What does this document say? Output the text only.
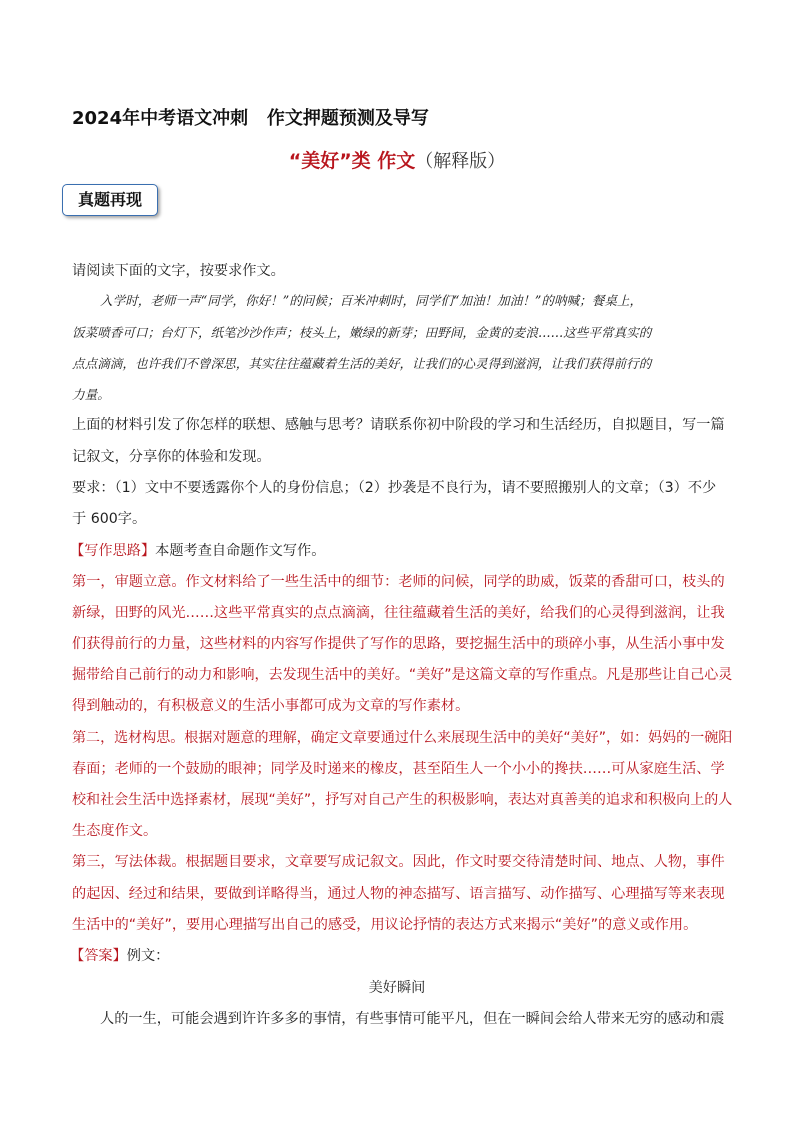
2024年中考语文冲刺   作文押题预测及导写
“美好”类 作文（解释版）
真题再现
请阅读下面的文字，按要求作文。
入学时，老师一声“同学，你好！”的问候；百米冲刺时，同学们“加油！加油！”的呐喊；餐桌上，
饭菜喷香可口；台灯下，纸笔沙沙作声；枝头上，嫩绿的新芽；田野间，金黄的麦浪……这些平常真实的
点点滴滴，也许我们不曾深思，其实往往蕴藏着生活的美好，让我们的心灵得到滋润，让我们获得前行的
力量。
上面的材料引发了你怎样的联想、感触与思考？请联系你初中阶段的学习和生活经历，自拟题目，写一篇
记叙文，分享你的体验和发现。
要求：（1）文中不要透露你个人的身份信息；（2）抄袭是不良行为，请不要照搬别人的文章；（3）不少
于 600字。
【写作思路】本题考查自命题作文写作。
第一，审题立意。作文材料给了一些生活中的细节：老师的问候，同学的助威，饭菜的香甜可口，枝头的
新绿，田野的风光……这些平常真实的点点滴滴，往往蕴藏着生活的美好，给我们的心灵得到滋润，让我
们获得前行的力量，这些材料的内容写作提供了写作的思路，要挖掘生活中的琐碎小事，从生活小事中发
掘带给自己前行的动力和影响，去发现生活中的美好。“美好”是这篇文章的写作重点。凡是那些让自己心灵
得到触动的，有积极意义的生活小事都可成为文章的写作素材。
第二，选材构思。根据对题意的理解，确定文章要通过什么来展现生活中的美好“美好”，如：妈妈的一碗阳
春面；老师的一个鼓励的眼神；同学及时递来的橡皮，甚至陌生人一个小小的搀扶……可从家庭生活、学
校和社会生活中选择素材，展现“美好”，抒写对自己产生的积极影响，表达对真善美的追求和积极向上的人
生态度作文。
第三，写法体裁。根据题目要求，文章要写成记叙文。因此，作文时要交待清楚时间、地点、人物，事件
的起因、经过和结果，要做到详略得当，通过人物的神态描写、语言描写、动作描写、心理描写等来表现
生活中的“美好”，要用心理描写出自己的感受，用议论抒情的表达方式来揭示“美好”的意义或作用。
【答案】例文：
美好瞬间
人的一生，可能会遇到许许多多的事情，有些事情可能平凡，但在一瞬间会给人带来无穷的感动和震
